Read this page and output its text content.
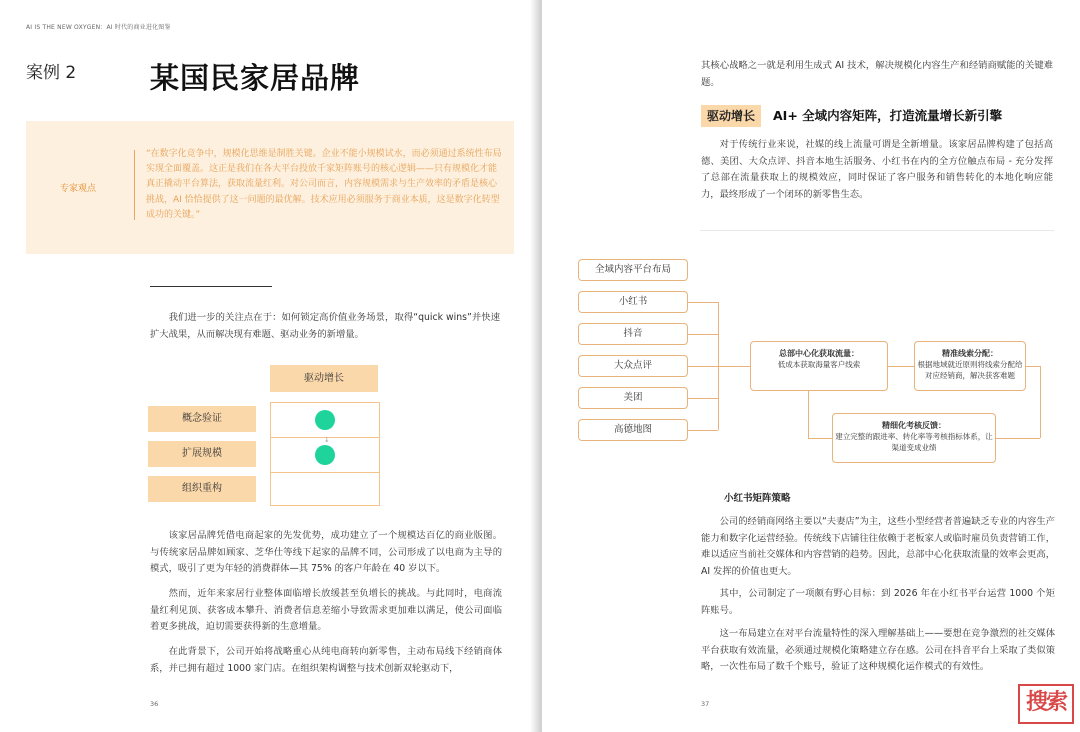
AI IS THE NEW OXYGEN：AI 时代的商业进化图鉴
案例 2	某国民家居品牌
专家观点
“在数字化竞争中，规模化思维是制胜关键。企业不能小规模试水，而必须通过系统性布局实现全面覆盖。这正是我们在各大平台投放千家矩阵账号的核心逻辑——只有规模化才能真正撬动平台算法，获取流量红利。对公司而言，内容规模需求与生产效率的矛盾是核心挑战，AI 恰恰提供了这一问题的最优解。技术应用必须服务于商业本质，这是数字化转型成功的关键。”
我们进一步的关注点在于：如何锁定高价值业务场景，取得“quick wins”并快速扩大战果，从而解决现有难题、驱动业务的新增量。
驱动增长
概念验证
扩展规模
组织重构
↓
该家居品牌凭借电商起家的先发优势，成功建立了一个规模达百亿的商业版图。与传统家居品牌如顾家、芝华仕等线下起家的品牌不同，公司形成了以电商为主导的模式，吸引了更为年轻的消费群体—其 75% 的客户年龄在 40 岁以下。
然而，近年来家居行业整体面临增长放缓甚至负增长的挑战。与此同时，电商流量红利见顶、获客成本攀升、消费者信息差缩小导致需求更加难以满足，使公司面临着更多挑战，迫切需要获得新的生意增量。
在此背景下，公司开始将战略重心从纯电商转向新零售，主动布局线下经销商体系，并已拥有超过 1000 家门店。在组织架构调整与技术创新双轮驱动下，
36
其核心战略之一就是利用生成式 AI 技术，解决规模化内容生产和经销商赋能的关键难题。
驱动增长	AI+ 全域内容矩阵，打造流量增长新引擎
对于传统行业来说，社媒的线上流量可谓是全新增量。该家居品牌构建了包括高德、美团、大众点评、抖音本地生活服务、小红书在内的全方位触点布局 - 充分发挥了总部在流量获取上的规模效应，同时保证了客户服务和销售转化的本地化响应能力，最终形成了一个闭环的新零售生态。
全域内容平台布局
小红书
抖音
大众点评
美团
高德地图
总部中心化获取流量：
低成本获取海量客户线索
精准线索分配：
根据地域就近原则将线索分配给对应经销商，解决获客难题
精细化考核反馈：
建立完整的跟进率、转化率等考核指标体系，让渠道变成业绩
小红书矩阵策略
公司的经销商网络主要以“夫妻店”为主，这些小型经营者普遍缺乏专业的内容生产能力和数字化运营经验。传统线下店铺往往依赖于老板家人或临时雇员负责营销工作，难以适应当前社交媒体和内容营销的趋势。因此，总部中心化获取流量的效率会更高，AI 发挥的价值也更大。
其中，公司制定了一项颇有野心目标：到 2026 年在小红书平台运营 1000 个矩阵账号。
这一布局建立在对平台流量特性的深入理解基础上——要想在竞争激烈的社交媒体平台获取有效流量，必须通过规模化策略建立存在感。公司在抖音平台上采取了类似策略，一次性布局了数千个账号，验证了这种规模化运作模式的有效性。
37	搜索
